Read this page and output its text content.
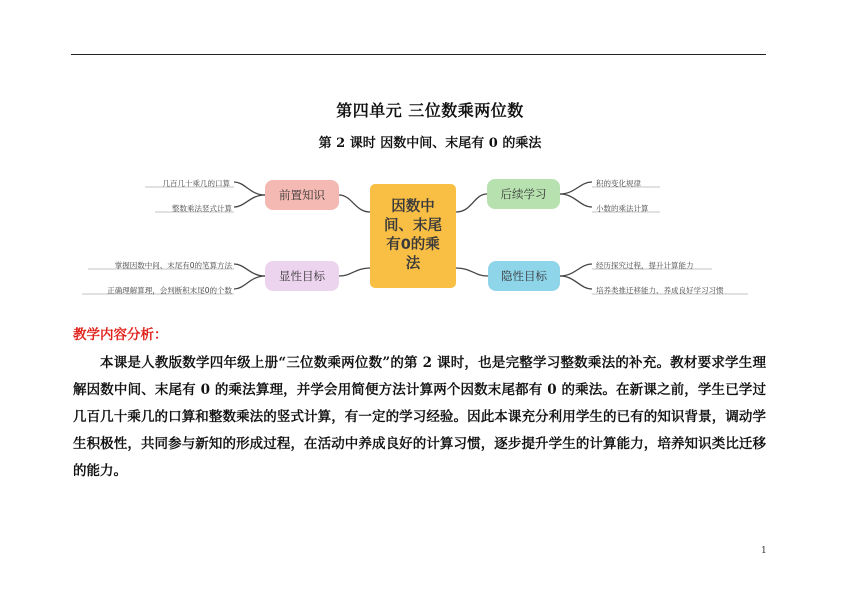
第四单元 三位数乘两位数
第 2 课时 因数中间、末尾有 0 的乘法
因数中间、末尾有0的乘法
前置知识	后续学习
显性目标	隐性目标
几百几十乘几的口算
整数乘法竖式计算
掌握因数中间、末尾有0的笔算方法
正确理解算理，会判断积末尾0的个数
积的变化规律
小数的乘法计算
经历探究过程，提升计算能力
培养类推迁移能力、养成良好学习习惯
教学内容分析：
本课是人教版数学四年级上册“三位数乘两位数”的第 2 课时，也是完整学习整数乘法的补充。教材要求学生理解因数中间、末尾有 0 的乘法算理，并学会用简便方法计算两个因数末尾都有 0 的乘法。在新课之前，学生已学过几百几十乘几的口算和整数乘法的竖式计算，有一定的学习经验。因此本课充分利用学生的已有的知识背景，调动学生积极性，共同参与新知的形成过程，在活动中养成良好的计算习惯，逐步提升学生的计算能力，培养知识类比迁移的能力。
1
